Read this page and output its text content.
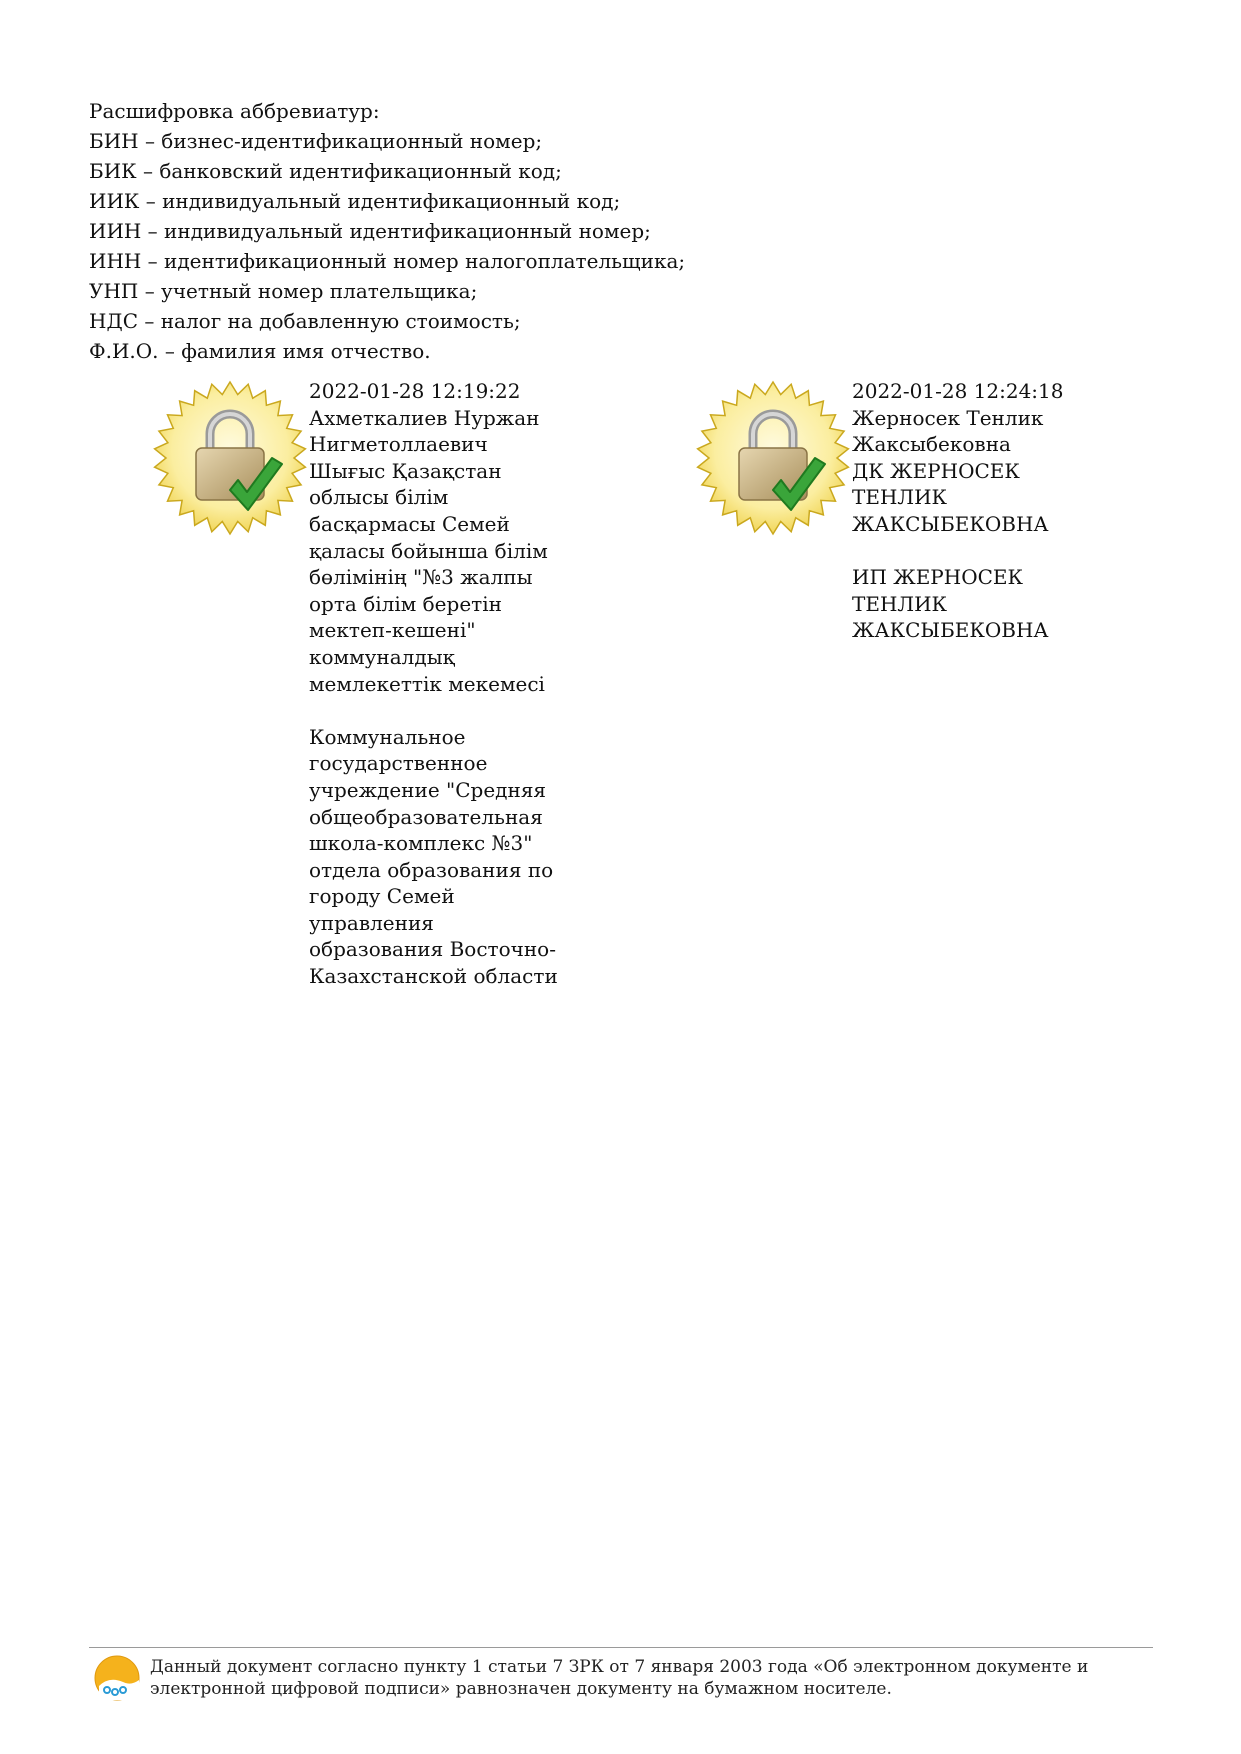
Расшифровка аббревиатур:
БИН – бизнес-идентификационный номер;
БИК – банковский идентификационный код;
ИИК – индивидуальный идентификационный код;
ИИН – индивидуальный идентификационный номер;
ИНН – идентификационный номер налогоплательщика;
УНП – учетный номер плательщика;
НДС – налог на добавленную стоимость;
Ф.И.О. – фамилия имя отчество.
2022-01-28 12:19:22
Ахметкалиев Нуржан
Нигметоллаевич
Шығыс Қазақстан
облысы білім
басқармасы Семей
қаласы бойынша білім
бөлімінің "№3 жалпы
орта білім беретін
мектеп-кешені"
коммуналдық
мемлекеттік мекемесі
Коммунальное
государственное
учреждение "Средняя
общеобразовательная
школа-комплекс №3"
отдела образования по
городу Семей
управления
образования Восточно-
Казахстанской области
2022-01-28 12:24:18
Жерносек Тенлик
Жаксыбековна
ДК ЖЕРНОСЕК
ТЕНЛИК
ЖАКСЫБЕКОВНА
ИП ЖЕРНОСЕК
ТЕНЛИК
ЖАКСЫБЕКОВНА
Данный документ согласно пункту 1 статьи 7 ЗРК от 7 января 2003 года «Об электронном документе и
электронной цифровой подписи» равнозначен документу на бумажном носителе.
